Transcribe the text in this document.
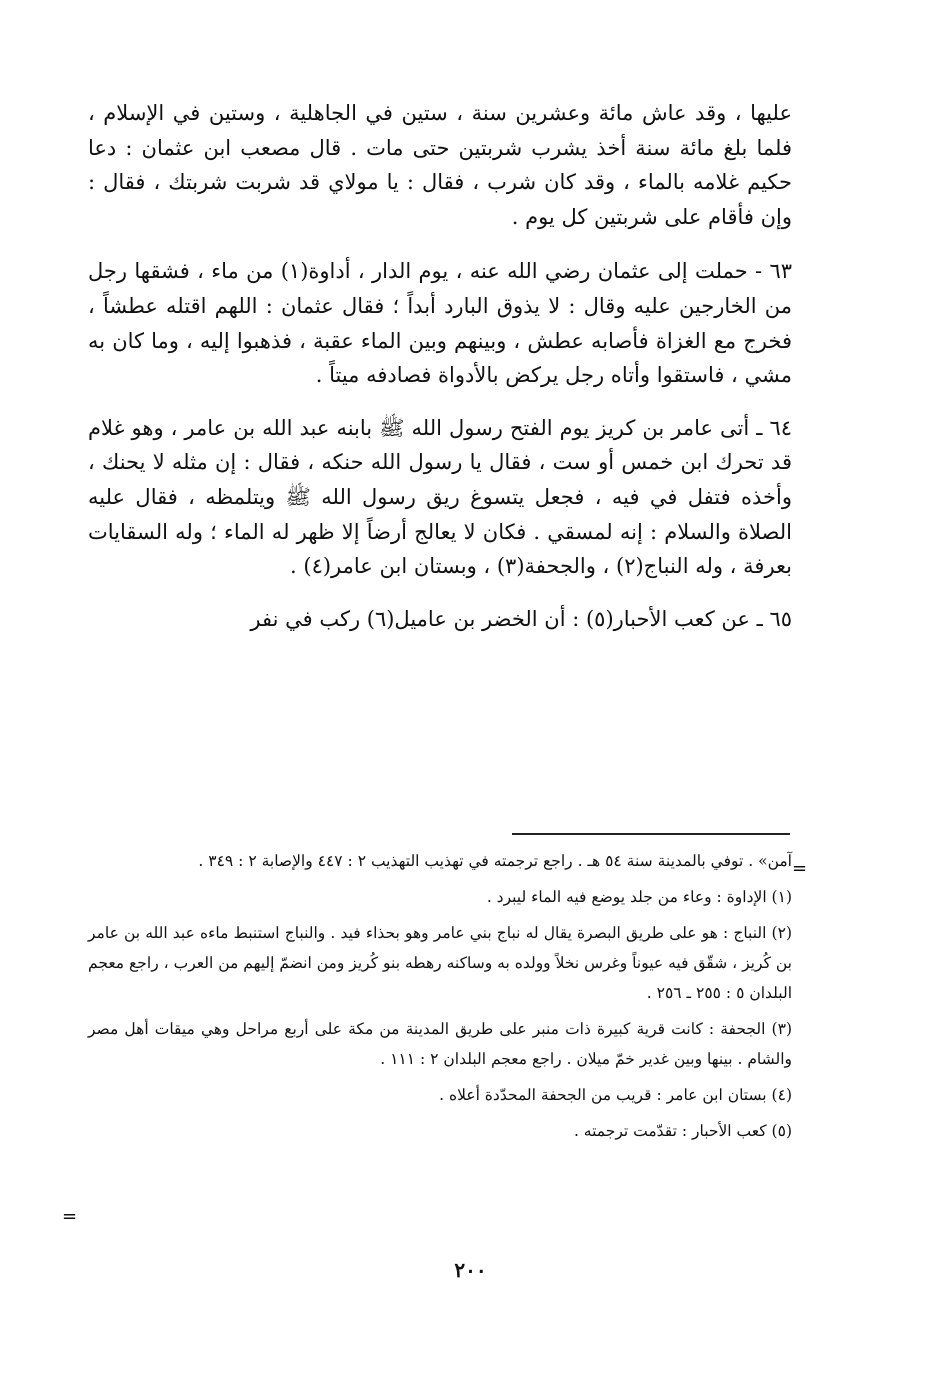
عليها ، وقد عاش مائة وعشرين سنة ، ستين في الجاهلية ، وستين في الإسلام ، فلما بلغ مائة سنة أخذ يشرب شربتين حتى مات . قال مصعب ابن عثمان : دعا حكيم غلامه بالماء ، وقد كان شرب ، فقال : يا مولاي قد شربت شربتك ، فقال : وإن فأقام على شربتين كل يوم .

٦٣ - حملت إلى عثمان رضي الله عنه ، يوم الدار ، أداوة(١) من ماء ، فشقها رجل من الخارجين عليه وقال : لا يذوق البارد أبداً ؛ فقال عثمان : اللهم اقتله عطشاً ، فخرج مع الغزاة فأصابه عطش ، وبينهم وبين الماء عقبة ، فذهبوا إليه ، وما كان به مشي ، فاستقوا وأتاه رجل يركض بالأدواة فصادفه ميتاً .

٦٤ ـ أتى عامر بن كريز يوم الفتح رسول الله ﷺ بابنه عبد الله بن عامر ، وهو غلام قد تحرك ابن خمس أو ست ، فقال يا رسول الله حنكه ، فقال : إن مثله لا يحنك ، وأخذه فتفل في فيه ، فجعل يتسوغ ريق رسول الله ﷺ ويتلمظه ، فقال عليه الصلاة والسلام : إنه لمسقي . فكان لا يعالج أرضاً إلا ظهر له الماء ؛ وله السقايات بعرفة ، وله النباج(٢) ، والجحفة(٣) ، وبستان ابن عامر(٤) .

٦٥ ـ عن كعب الأحبار(٥) : أن الخضر بن عاميل(٦) ركب في نفر

=

آمن» . توفي بالمدينة سنة ٥٤ هـ . راجع ترجمته في تهذيب التهذيب ٢ : ٤٤٧ والإصابة ٢ : ٣٤٩ .

(١) الإداوة : وعاء من جلد يوضع فيه الماء ليبرد .

(٢) النباج : هو على طريق البصرة يقال له نباج بني عامر وهو بحذاء فيد . والنباج استنبط ماءه عبد الله بن عامر بن كُريز ، شقّق فيه عيوناً وغرس نخلاً وولده به وساكنه رهطه بنو كُريز ومن انضمّ إليهم من العرب ، راجع معجم البلدان ٥ : ٢٥٥ ـ ٢٥٦ .

(٣) الجحفة : كانت قرية كبيرة ذات منبر على طريق المدينة من مكة على أربع مراحل وهي ميقات أهل مصر والشام . بينها وبين غدير خمّ ميلان . راجع معجم البلدان ٢ : ١١١ .

(٤) بستان ابن عامر : قريب من الجحفة المحدّدة أعلاه .

(٥) كعب الأحبار : تقدّمت ترجمته .

=
٢٠٠
